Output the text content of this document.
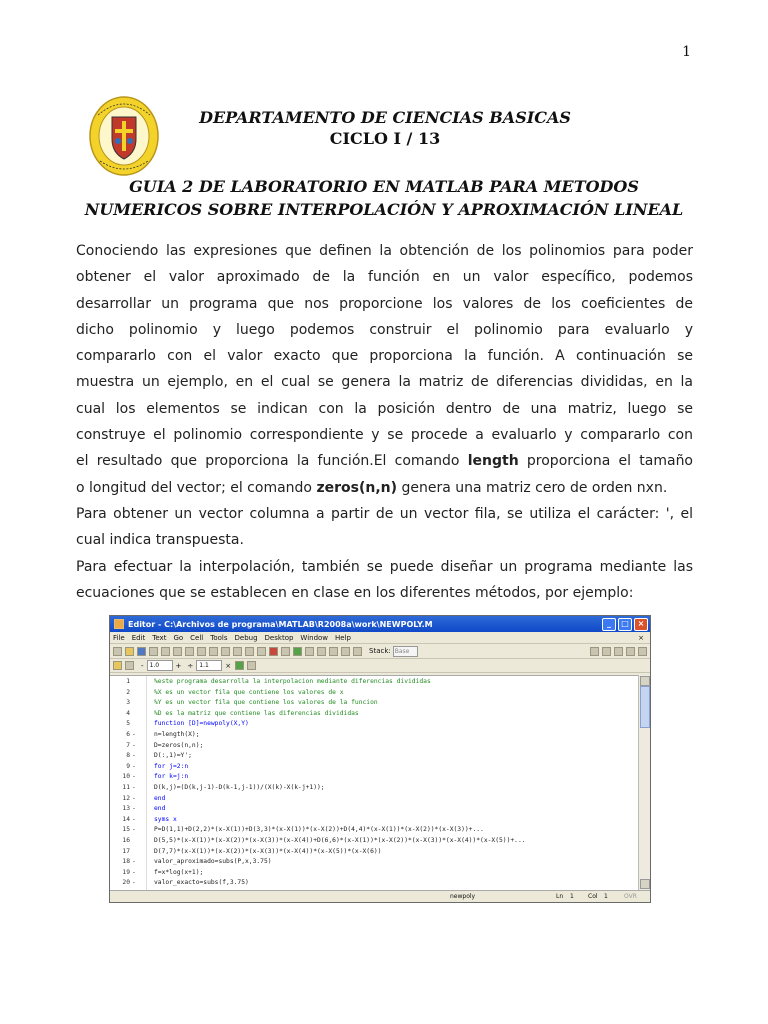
1
DEPARTAMENTO DE CIENCIAS BASICAS
CICLO I / 13
GUIA 2 DE LABORATORIO EN MATLAB PARA METODOS
NUMERICOS SOBRE INTERPOLACIÓN Y APROXIMACIÓN LINEAL

Conociendo las expresiones que definen la obtención de los polinomios para poder

obtener el valor aproximado de la función en un valor específico, podemos

desarrollar un programa que nos proporcione los valores de los coeficientes de

dicho polinomio y luego podemos construir el polinomio para evaluarlo y

compararlo con el valor exacto que proporciona la función. A continuación se

muestra un ejemplo, en el cual se genera la matriz de diferencias divididas, en la

cual los elementos se indican con la posición dentro de una matriz, luego se

construye el polinomio correspondiente y se procede a evaluarlo y compararlo con

el resultado que proporciona la función.El comando length proporciona el tamaño

o longitud del vector; el comando zeros(n,n) genera una matriz cero de orden nxn.

Para obtener un vector columna a partir de un vector fila, se utiliza el carácter: ', el

cual indica transpuesta.

Para efectuar la interpolación, también se puede diseñar un programa mediante las

ecuaciones que se establecen en clase en los diferentes métodos, por ejemplo:

Editor - C:\Archivos de programa\MATLAB\R2008a\work\NEWPOLY.M	_	□	×
File Edit Text Go Cell Tools Debug Desktop Window Help	×
Stack: Base
-	1.0	+ ÷	1.1	×
1	%este programa desarrolla la interpolacion mediante diferencias divididas
2	%X es un vector fila que contiene los valores de x
3	%Y es un vector fila que contiene los valores de la funcion
4	%D es la matriz que contiene las diferencias divididas
5	function [D]=newpoly(X,Y)
6 -	n=length(X);
7 -	D=zeros(n,n);
8 -	D(:,1)=Y';
9 -	for j=2:n
10 -	for k=j:n
11 -	D(k,j)=(D(k,j-1)-D(k-1,j-1))/(X(k)-X(k-j+1));
12 -	end
13 -	end
14 -	syms x
15 -	P=D(1,1)+D(2,2)*(x-X(1))+D(3,3)*(x-X(1))*(x-X(2))+D(4,4)*(x-X(1))*(x-X(2))*(x-X(3))+...
16	D(5,5)*(x-X(1))*(x-X(2))*(x-X(3))*(x-X(4))+D(6,6)*(x-X(1))*(x-X(2))*(x-X(3))*(x-X(4))*(x-X(5))+...
17	D(7,7)*(x-X(1))*(x-X(2))*(x-X(3))*(x-X(4))*(x-X(5))*(x-X(6))
18 -	valor_aproximado=subs(P,x,3.75)
19 -	f=x*log(x+1);
20 -	valor_exacto=subs(f,3.75)
newpoly	Ln 1 Col 1	OVR
